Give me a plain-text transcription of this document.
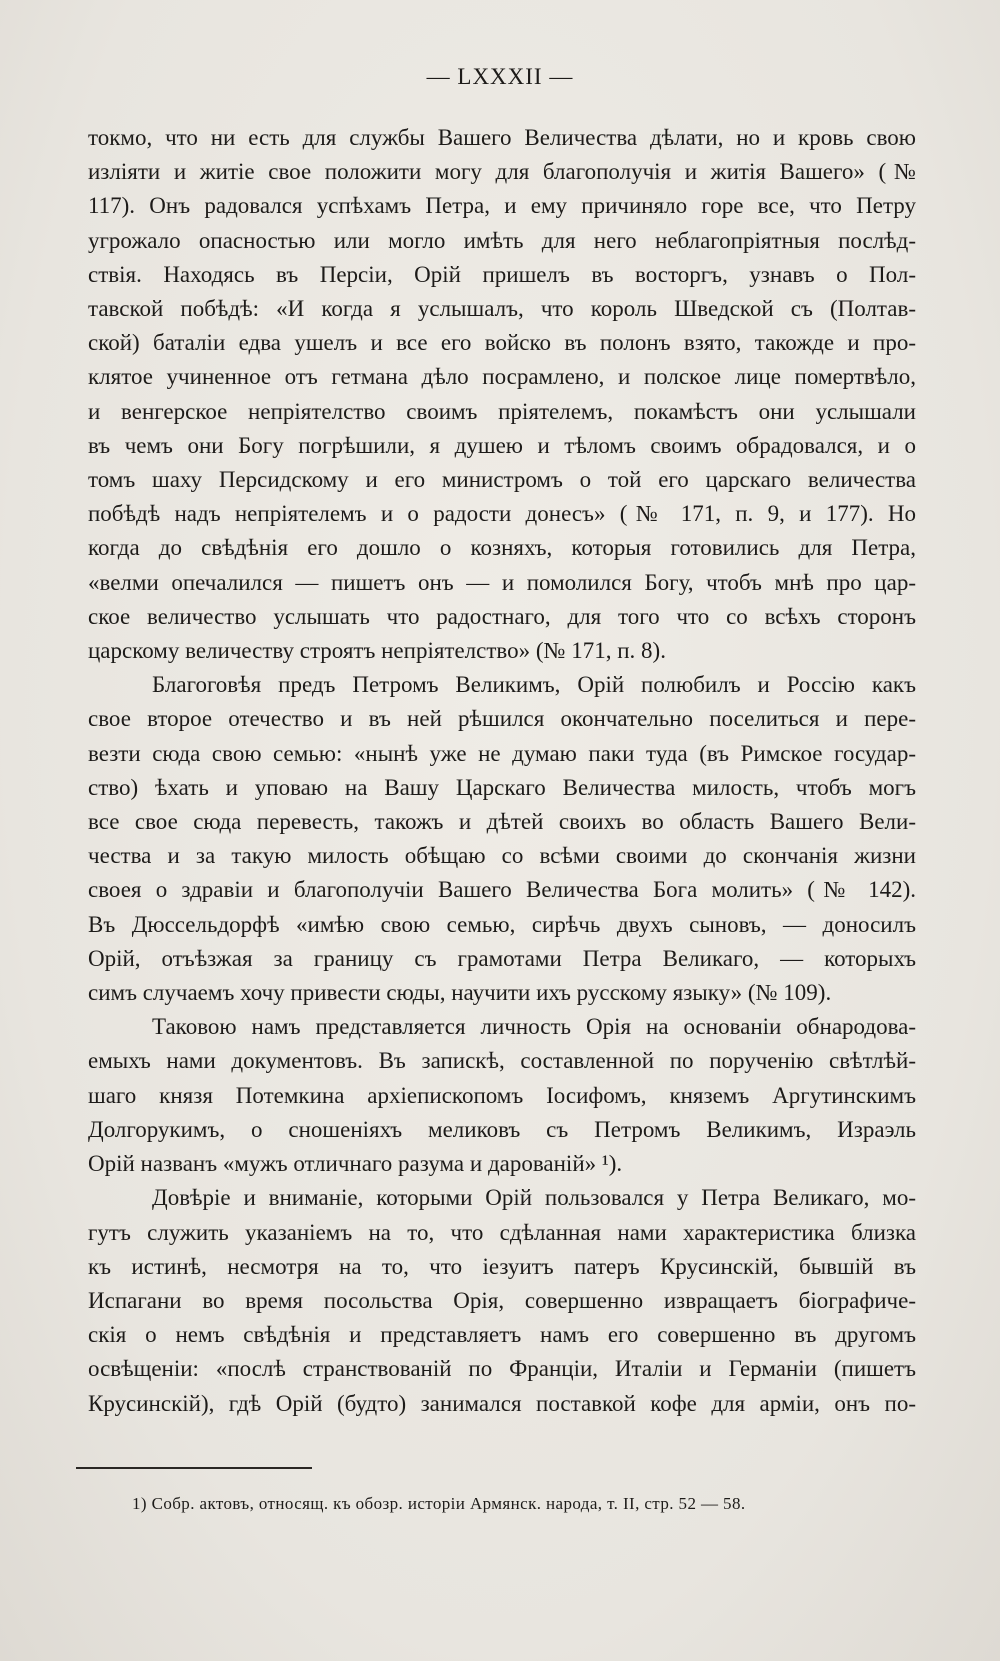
— LXXXII —
токмо, что ни есть для службы Вашего Величества дѣлати, но и кровь свою
изліяти и житіе свое положити могу для благополучія и житія Вашего» (№
117). Онъ радовался успѣхамъ Петра, и ему причиняло горе все, что Петру
угрожало опасностью или могло имѣть для него неблагопріятныя послѣд-
ствія. Находясь въ Персіи, Орій пришелъ въ восторгъ, узнавъ о Пол-
тавской побѣдѣ: «И когда я услышалъ, что король Шведской съ (Полтав-
ской) баталіи едва ушелъ и все его войско въ полонъ взято, такожде и про-
клятое учиненное отъ гетмана дѣло посрамлено, и полское лице помертвѣло,
и венгерское непріятелство своимъ прiятелемъ, покамѣстъ они услышали
въ чемъ они Богу погрѣшили, я душею и тѣломъ своимъ обрадовался, и о
томъ шаху Персидскому и его министромъ о той его царскаго величества
побѣдѣ надъ непріятелемъ и о радости донесъ» (№ 171, п. 9, и 177). Но
когда до свѣдѣнія его дошло о козняхъ, которыя готовились для Петра,
«велми опечалился — пишетъ онъ — и помолился Богу, чтобъ мнѣ про цар-
ское величество услышать что радостнаго, для того что со всѣхъ сторонъ
царскому величеству строятъ непріятелство» (№ 171, п. 8).
Благоговѣя предъ Петромъ Великимъ, Орій полюбилъ и Россію какъ
свое второе отечество и въ ней рѣшился окончательно поселиться и пере-
везти сюда свою семью: «нынѣ уже не думаю паки туда (въ Римское государ-
ство) ѣхать и уповаю на Вашу Царскаго Величества милость, чтобъ могъ
все свое сюда перевесть, такожъ и дѣтей своихъ во область Вашего Вели-
чества и за такую милость обѣщаю со всѣми своими до скончанія жизни
своея о здравіи и благополучіи Вашего Величества Бога молить» (№ 142).
Въ Дюссельдорфѣ «имѣю свою семью, сирѣчь двухъ сыновъ, — доносилъ
Орій, отъѣзжая за границу съ грамотами Петра Великаго, — которыхъ
симъ случаемъ хочу привести сюды, научити ихъ русскому языку» (№ 109).
Таковою намъ представляется личность Орія на основаніи обнародова-
емыхъ нами документовъ. Въ запискѣ, составленной по порученію свѣтлѣй-
шаго князя Потемкина архіепископомъ Іосифомъ, княземъ Аргутинскимъ
Долгорукимъ, о сношеніяхъ меликовъ съ Петромъ Великимъ, Израэль
Орій названъ «мужъ отличнаго разума и дарованій» ¹).
Довѣріе и вниманіе, которыми Орій пользовался у Петра Великаго, мо-
гутъ служить указаніемъ на то, что сдѣланная нами характеристика близка
къ истинѣ, несмотря на то, что іезуитъ патеръ Крусинскій, бывшій въ
Испагани во время посольства Орія, совершенно извращаетъ біографиче-
скія о немъ свѣдѣнія и представляетъ намъ его совершенно въ другомъ
освѣщеніи: «послѣ странствованій по Франціи, Италіи и Германіи (пишетъ
Крусинскій), гдѣ Орій (будто) занимался поставкой кофе для арміи, онъ по-
1) Собр. актовъ, относящ. къ обозр. исторіи Армянск. народа, т. II, стр. 52 — 58.
